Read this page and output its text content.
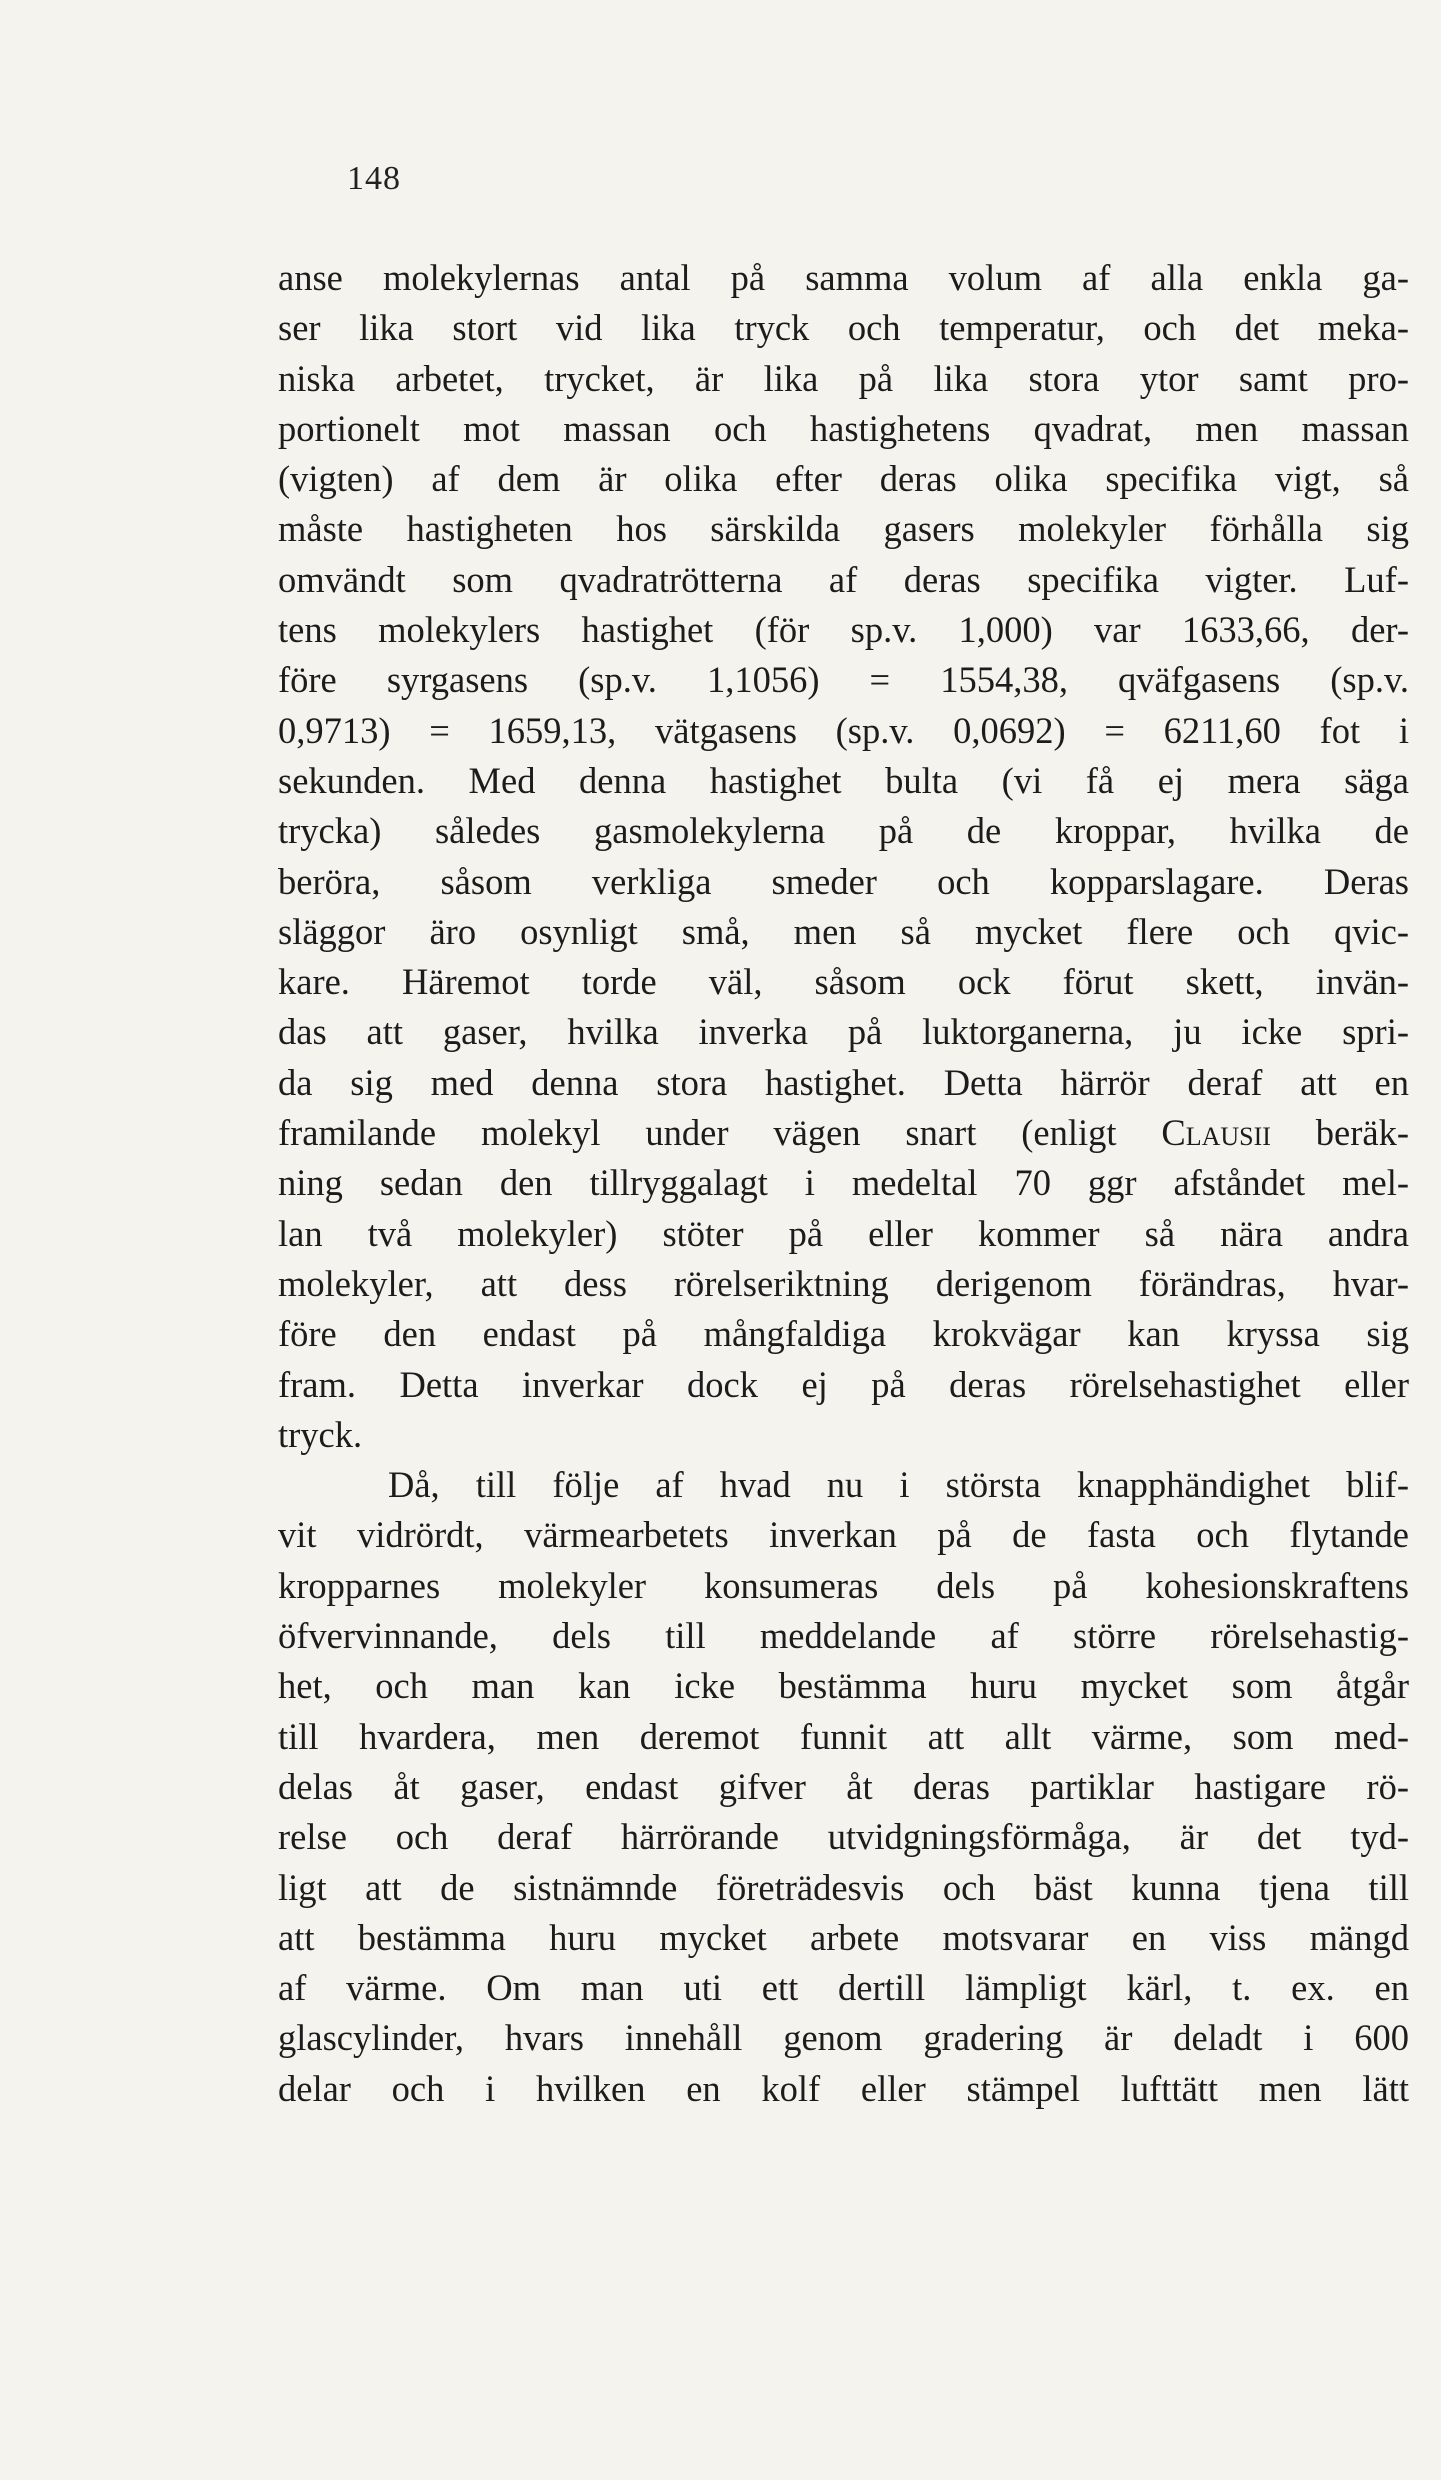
148
anse molekylernas antal på samma volum af alla enkla ga-
ser lika stort vid lika tryck och temperatur, och det meka-
niska arbetet, trycket, är lika på lika stora ytor samt pro-
portionelt mot massan och hastighetens qvadrat, men massan
(vigten) af dem är olika efter deras olika specifika vigt, så
måste hastigheten hos särskilda gasers molekyler förhålla sig
omvändt som qvadratrötterna af deras specifika vigter. Luf-
tens molekylers hastighet (för sp.v. 1,000) var 1633,66, der-
före syrgasens (sp.v. 1,1056) = 1554,38, qväfgasens (sp.v.
0,9713) = 1659,13, vätgasens (sp.v. 0,0692) = 6211,60 fot i
sekunden. Med denna hastighet bulta (vi få ej mera säga
trycka) således gasmolekylerna på de kroppar, hvilka de
beröra, såsom verkliga smeder och kopparslagare. Deras
släggor äro osynligt små, men så mycket flere och qvic-
kare. Häremot torde väl, såsom ock förut skett, invän-
das att gaser, hvilka inverka på luktorganerna, ju icke spri-
da sig med denna stora hastighet. Detta härrör deraf att en
framilande molekyl under vägen snart (enligt Clausii beräk-
ning sedan den tillryggalagt i medeltal 70 ggr afståndet mel-
lan två molekyler) stöter på eller kommer så nära andra
molekyler, att dess rörelseriktning derigenom förändras, hvar-
före den endast på mångfaldiga krokvägar kan kryssa sig
fram. Detta inverkar dock ej på deras rörelsehastighet eller
tryck.
Då, till följe af hvad nu i största knapphändighet blif-
vit vidrördt, värmearbetets inverkan på de fasta och flytande
kropparnes molekyler konsumeras dels på kohesionskraftens
öfvervinnande, dels till meddelande af större rörelsehastig-
het, och man kan icke bestämma huru mycket som åtgår
till hvardera, men deremot funnit att allt värme, som med-
delas åt gaser, endast gifver åt deras partiklar hastigare rö-
relse och deraf härrörande utvidgningsförmåga, är det tyd-
ligt att de sistnämnde företrädesvis och bäst kunna tjena till
att bestämma huru mycket arbete motsvarar en viss mängd
af värme. Om man uti ett dertill lämpligt kärl, t. ex. en
glascylinder, hvars innehåll genom gradering är deladt i 600
delar och i hvilken en kolf eller stämpel lufttätt men lätt
